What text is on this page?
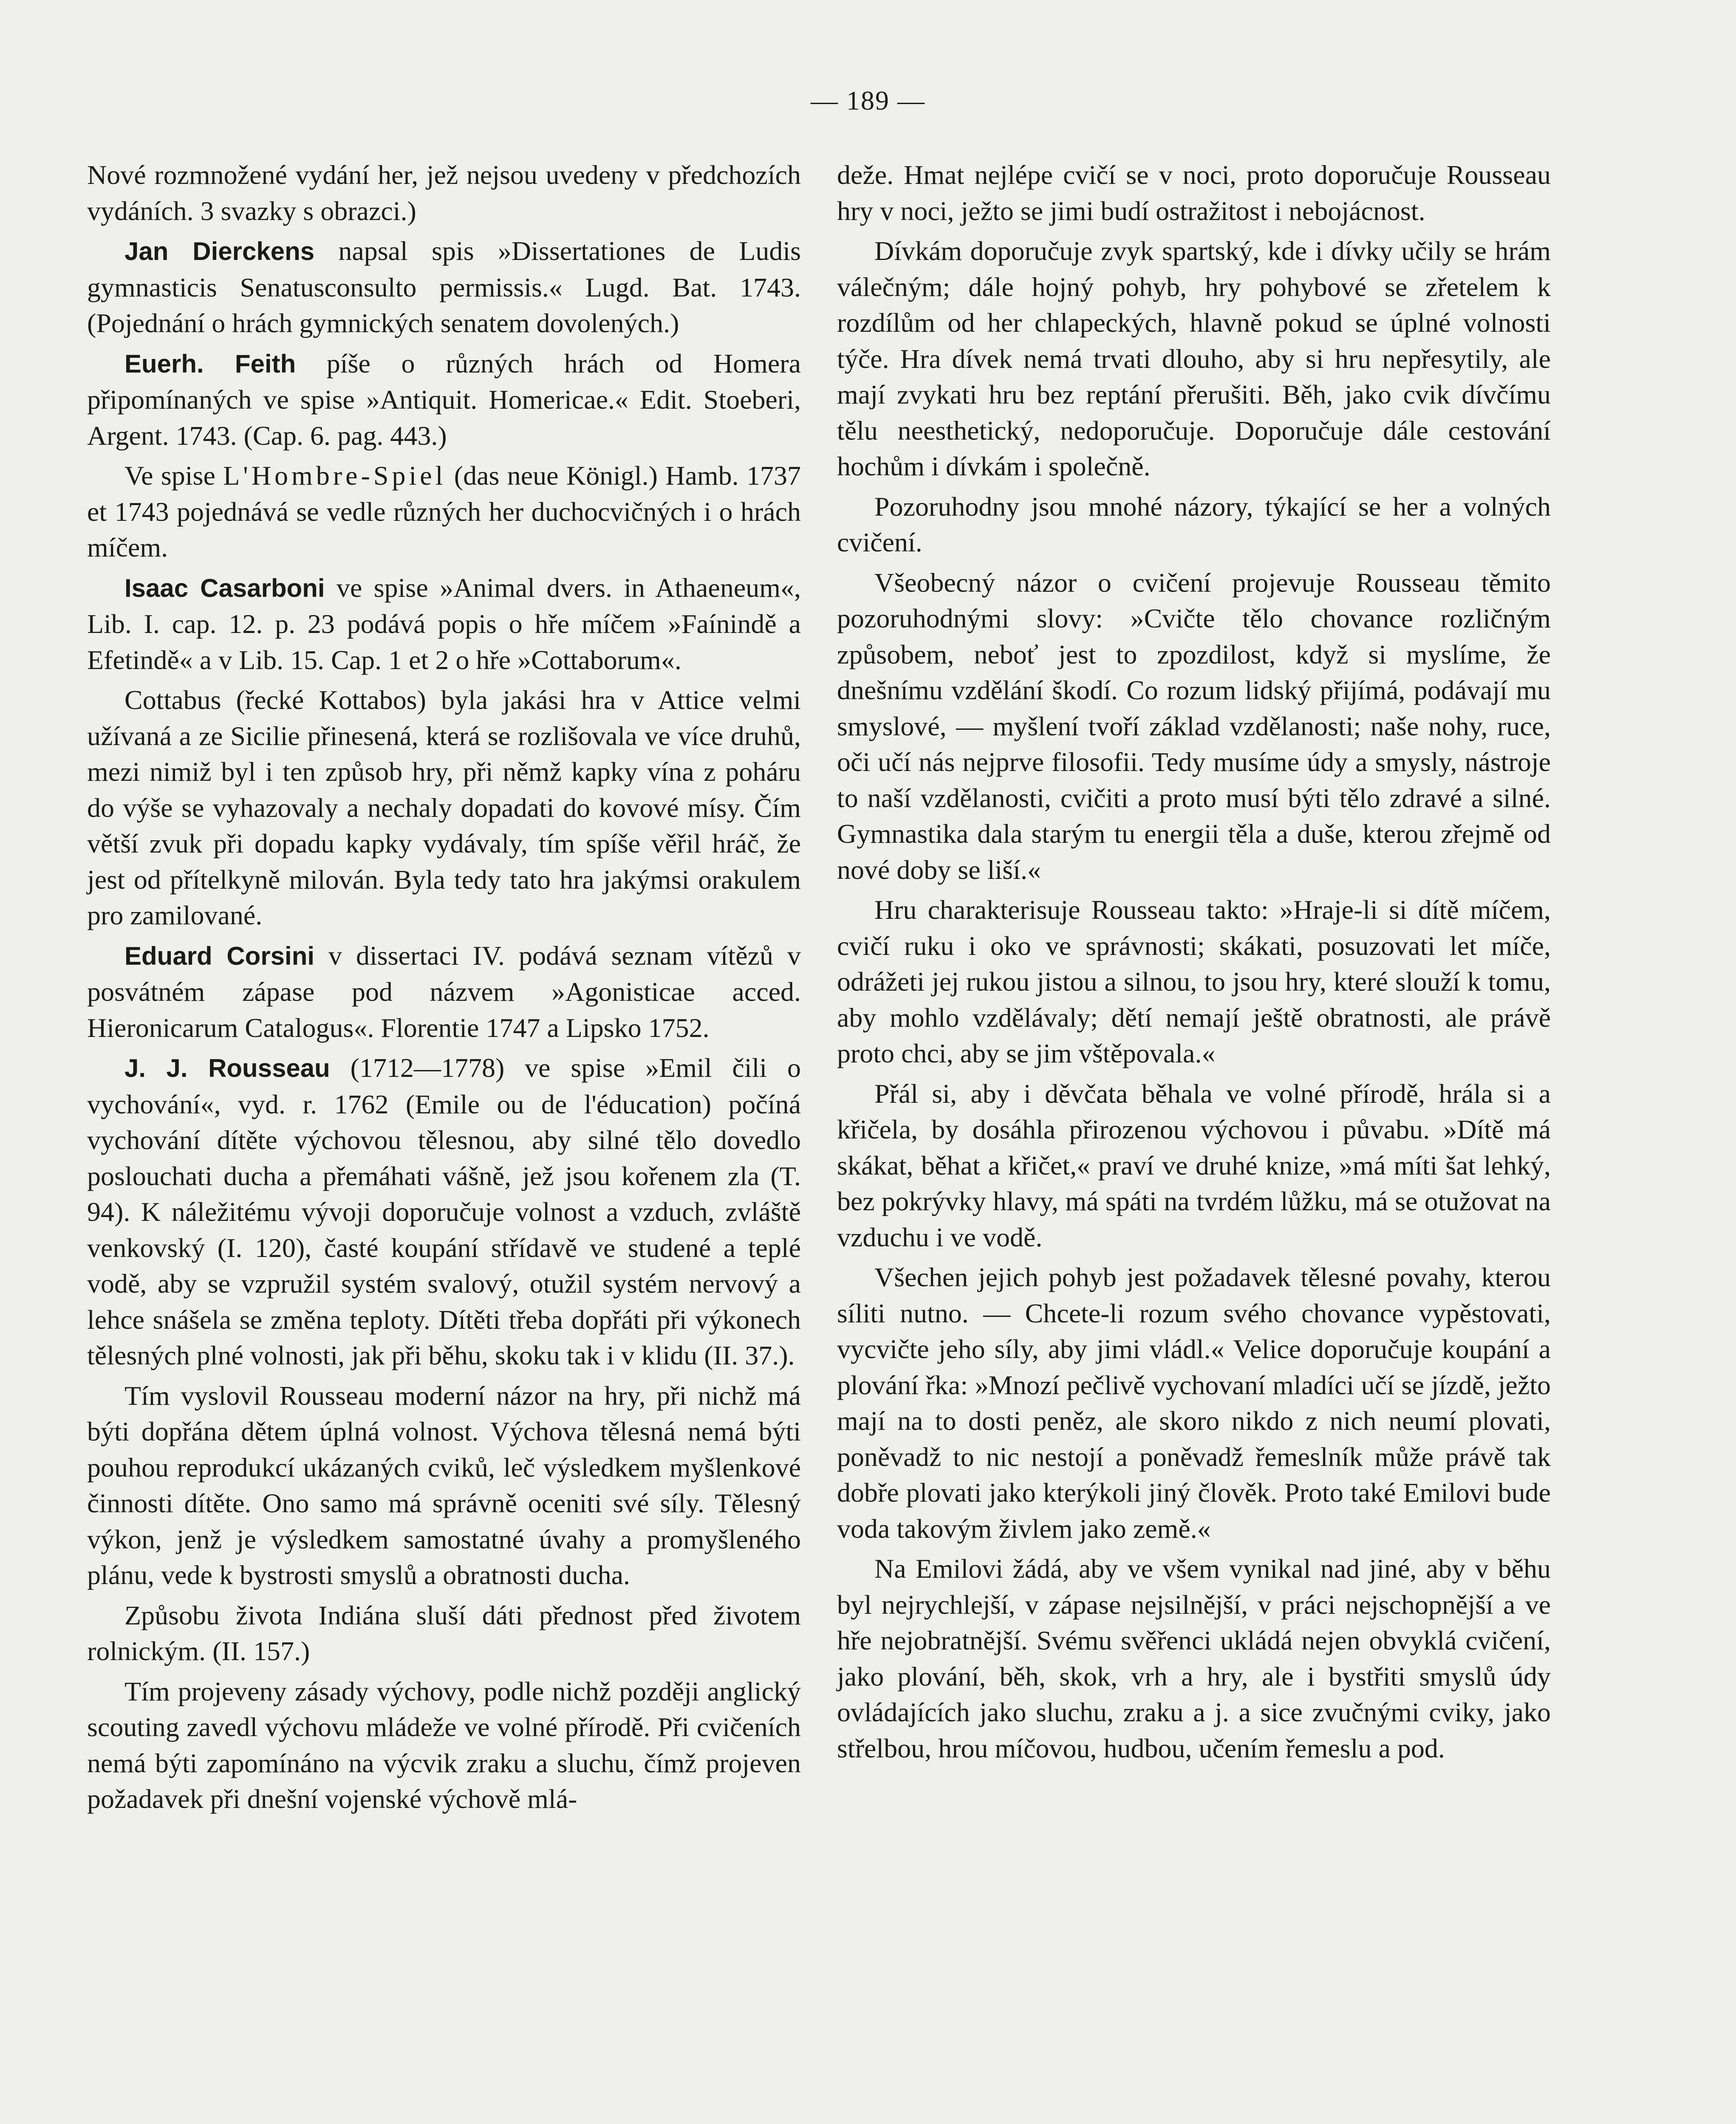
— 189 —

Nové rozmnožené vydání her, jež nejsou uvedeny v předchozích vydáních. 3 svazky s obrazci.)

Jan Dierckens napsal spis »Dissertationes de Ludis gymnasticis Senatusconsulto permissis.« Lugd. Bat. 1743. (Pojednání o hrách gymnických senatem dovolených.)

Euerh. Feith píše o různých hrách od Homera připomínaných ve spise »Antiquit. Homericae.« Edit. Stoeberi, Argent. 1743. (Cap. 6. pag. 443.)

Ve spise L'Hombre-Spiel (das neue Königl.) Hamb. 1737 et 1743 pojednává se vedle různých her duchocvičných i o hrách míčem.

Isaac Casarboni ve spise »Animal dvers. in Athaeneum«, Lib. I. cap. 12. p. 23 podává popis o hře míčem »Faínindě a Efetindě« a v Lib. 15. Cap. 1 et 2 o hře »Cottaborum«.

Cottabus (řecké Kottabos) byla jakási hra v Attice velmi užívaná a ze Sicilie přinesená, která se rozlišovala ve více druhů, mezi nimiž byl i ten způsob hry, při němž kapky vína z poháru do výše se vyhazovaly a nechaly dopadati do kovové mísy. Čím větší zvuk při dopadu kapky vydávaly, tím spíše věřil hráč, že jest od přítelkyně milován. Byla tedy tato hra jakýmsi orakulem pro zamilované.

Eduard Corsini v dissertaci IV. podává seznam vítězů v posvátném zápase pod názvem »Agonisticae acced. Hieronicarum Catalogus«. Florentie 1747 a Lipsko 1752.

J. J. Rousseau (1712—1778) ve spise »Emil čili o vychování«, vyd. r. 1762 (Emile ou de l'éducation) počíná vychování dítěte výchovou tělesnou, aby silné tělo dovedlo poslouchati ducha a přemáhati vášně, jež jsou kořenem zla (T. 94). K náležitému vývoji doporučuje volnost a vzduch, zvláště venkovský (I. 120), časté koupání střídavě ve studené a teplé vodě, aby se vzpružil systém svalový, otužil systém nervový a lehce snášela se změna teploty. Dítěti třeba dopřáti při výkonech tělesných plné volnosti, jak při běhu, skoku tak i v klidu (II. 37.).

Tím vyslovil Rousseau moderní názor na hry, při nichž má býti dopřána dětem úplná volnost. Výchova tělesná nemá býti pouhou reprodukcí ukázaných cviků, leč výsledkem myšlenkové činnosti dítěte. Ono samo má správně oceniti své síly. Tělesný výkon, jenž je výsledkem samostatné úvahy a promyšleného plánu, vede k bystrosti smyslů a obratnosti ducha.

Způsobu života Indiána sluší dáti přednost před životem rolnickým. (II. 157.)

Tím projeveny zásady výchovy, podle nichž později anglický scouting zavedl výchovu mládeže ve volné přírodě. Při cvičeních nemá býti zapomínáno na výcvik zraku a sluchu, čímž projeven požadavek při dnešní vojenské výchově mlá-

deže. Hmat nejlépe cvičí se v noci, proto doporučuje Rousseau hry v noci, ježto se jimi budí ostražitost i nebojácnost.

Dívkám doporučuje zvyk spartský, kde i dívky učily se hrám válečným; dále hojný pohyb, hry pohybové se zřetelem k rozdílům od her chlapeckých, hlavně pokud se úplné volnosti týče. Hra dívek nemá trvati dlouho, aby si hru nepřesytily, ale mají zvykati hru bez reptání přerušiti. Běh, jako cvik dívčímu tělu neesthetický, nedoporučuje. Doporučuje dále cestování hochům i dívkám i společně.

Pozoruhodny jsou mnohé názory, týkající se her a volných cvičení.

Všeobecný názor o cvičení projevuje Rousseau těmito pozoruhodnými slovy: »Cvičte tělo chovance rozličným způsobem, neboť jest to zpozdilost, když si myslíme, že dnešnímu vzdělání škodí. Co rozum lidský přijímá, podávají mu smyslové, — myšlení tvoří základ vzdělanosti; naše nohy, ruce, oči učí nás nejprve filosofii. Tedy musíme údy a smysly, nástroje to naší vzdělanosti, cvičiti a proto musí býti tělo zdravé a silné. Gymnastika dala starým tu energii těla a duše, kterou zřejmě od nové doby se liší.«

Hru charakterisuje Rousseau takto: »Hraje-li si dítě míčem, cvičí ruku i oko ve správnosti; skákati, posuzovati let míče, odrážeti jej rukou jistou a silnou, to jsou hry, které slouží k tomu, aby mohlo vzdělávaly; dětí nemají ještě obratnosti, ale právě proto chci, aby se jim vštěpovala.«

Přál si, aby i děvčata běhala ve volné přírodě, hrála si a křičela, by dosáhla přirozenou výchovou i půvabu. »Dítě má skákat, běhat a křičet,« praví ve druhé knize, »má míti šat lehký, bez pokrývky hlavy, má spáti na tvrdém lůžku, má se otužovat na vzduchu i ve vodě.

Všechen jejich pohyb jest požadavek tělesné povahy, kterou síliti nutno. — Chcete-li rozum svého chovance vypěstovati, vycvičte jeho síly, aby jimi vládl.« Velice doporučuje koupání a plování řka: »Mnozí pečlivě vychovaní mladíci učí se jízdě, ježto mají na to dosti peněz, ale skoro nikdo z nich neumí plovati, poněvadž to nic nestojí a poněvadž řemeslník může právě tak dobře plovati jako kterýkoli jiný člověk. Proto také Emilovi bude voda takovým živlem jako země.«

Na Emilovi žádá, aby ve všem vynikal nad jiné, aby v běhu byl nejrychlejší, v zápase nejsilnější, v práci nejschopnější a ve hře nejobratnější. Svému svěřenci ukládá nejen obvyklá cvičení, jako plování, běh, skok, vrh a hry, ale i bystřiti smyslů údy ovládajících jako sluchu, zraku a j. a sice zvučnými cviky, jako střelbou, hrou míčovou, hudbou, učením řemeslu a pod.
